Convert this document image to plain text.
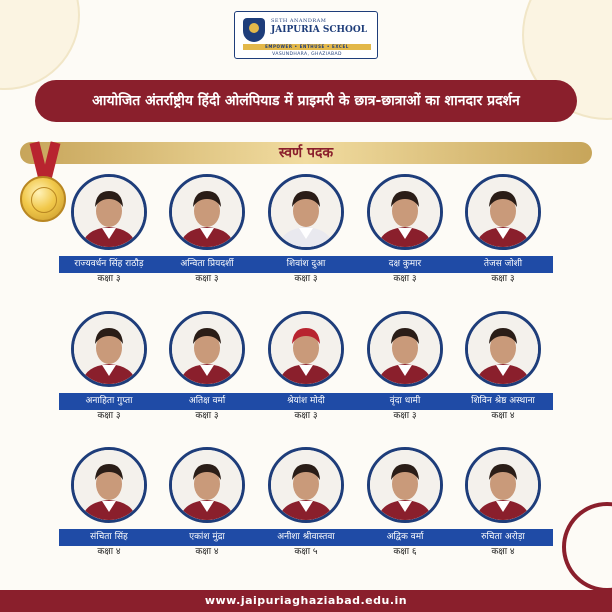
SETH ANANDRAM
JAIPURIA SCHOOL
EMPOWER • ENTHUSE • EXCEL
VASUNDHARA, GHAZIABAD
आयोजित अंतर्राष्ट्रीय हिंदी ओलंपियाड में प्राइमरी के छात्र-छात्राओं का शानदार प्रदर्शन
स्वर्ण पदक
राज्यवर्धन सिंह राठौड़
कक्षा ३
अन्विता प्रियदर्शी
कक्षा ३
शिवांश दुआ
कक्षा ३
दक्ष कुमार
कक्षा ३
तेजस जोशी
कक्षा ३
अनाहिता गुप्ता
कक्षा ३
अतिक्ष वर्मा
कक्षा ३
श्रेयांश मोदी
कक्षा ३
वृंदा धामी
कक्षा ३
शिविन श्रेष्ठ अस्थाना
कक्षा ४
संचिता सिंह
कक्षा ४
एकांश मुंद्रा
कक्षा ४
अनीशा श्रीवास्तवा
कक्षा ५
अद्विक वर्मा
कक्षा ६
रुचिता अरोड़ा
कक्षा ४
www.jaipuriaghaziabad.edu.in
